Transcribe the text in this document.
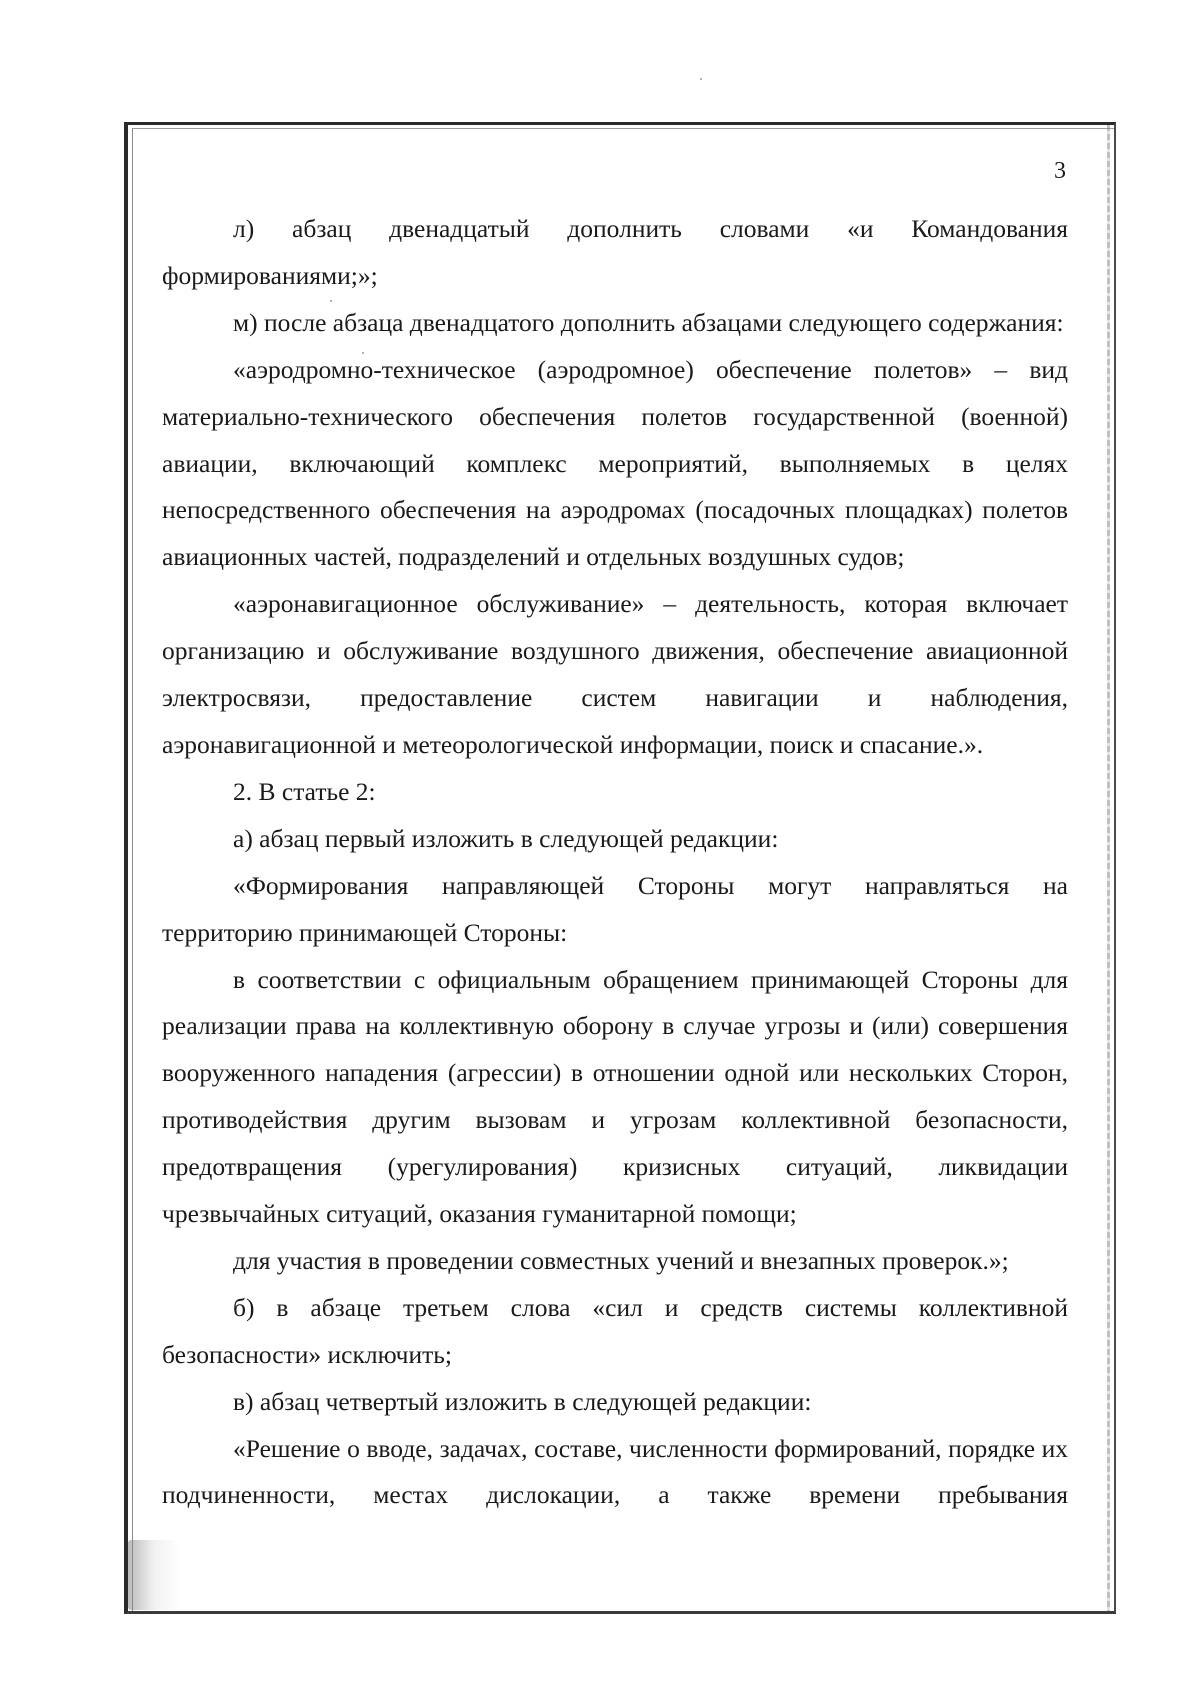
3

л) абзац двенадцатый дополнить словами «и Командования формированиями;»;

м) после абзаца двенадцатого дополнить абзацами следующего содержания:

«аэродромно-техническое (аэродромное) обеспечение полетов» – вид материально-технического обеспечения полетов государственной (военной) авиации, включающий комплекс мероприятий, выполняемых в целях непосредственного обеспечения на аэродромах (посадочных площадках) полетов авиационных частей, подразделений и отдельных воздушных судов;

«аэронавигационное обслуживание» – деятельность, которая включает организацию и обслуживание воздушного движения, обеспечение авиационной электросвязи, предоставление систем навигации и наблюдения, аэронавигационной и метеорологической информации, поиск и спасание.».

2. В статье 2:

а) абзац первый изложить в следующей редакции:

«Формирования направляющей Стороны могут направляться на территорию принимающей Стороны:

в соответствии с официальным обращением принимающей Стороны для реализации права на коллективную оборону в случае угрозы и (или) совершения вооруженного нападения (агрессии) в отношении одной или нескольких Сторон, противодействия другим вызовам и угрозам коллективной безопасности, предотвращения (урегулирования) кризисных ситуаций, ликвидации чрезвычайных ситуаций, оказания гуманитарной помощи;

для участия в проведении совместных учений и внезапных проверок.»;

б) в абзаце третьем слова «сил и средств системы коллективной безопасности» исключить;

в) абзац четвертый изложить в следующей редакции:

«Решение о вводе, задачах, составе, численности формирований, порядке их подчиненности, местах дислокации, а также времени пребывания
